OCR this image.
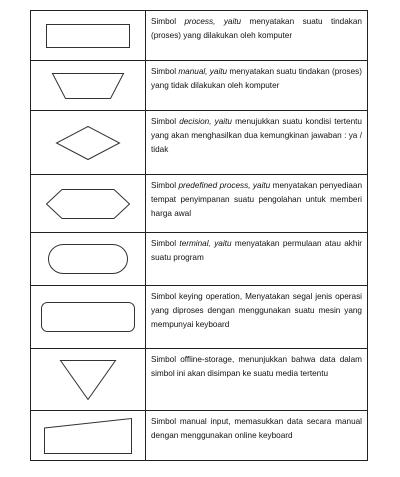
Simbol process, yaitu menyatakan suatu tindakan (proses) yang dilakukan oleh komputer
Simbol manual, yaitu menyatakan suatu tindakan (proses) yang tidak dilakukan oleh komputer
Simbol decision, yaitu menujukkan suatu kondisi tertentu yang akan menghasilkan dua kemungkinan jawaban : ya / tidak
Simbol predefined process, yaitu menyatakan penyediaan tempat penyimpanan suatu pengolahan untuk memberi harga awal
Simbol terminal, yaitu menyatakan permulaan atau akhir suatu program
Simbol keying operation, Menyatakan segal jenis operasi yang diproses dengan menggunakan suatu mesin yang mempunyai keyboard
Simbol offline-storage, menunjukkan bahwa data dalam simbol ini akan disimpan ke suatu media tertentu
Simbol manual input, memasukkan data secara manual dengan menggunakan online keyboard
